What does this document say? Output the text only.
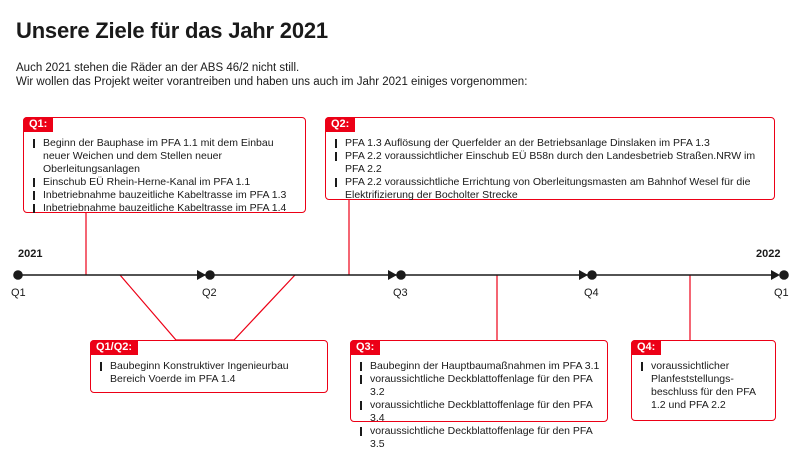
Unsere Ziele für das Jahr 2021
Auch 2021 stehen die Räder an der ABS 46/2 nicht still.
Wir wollen das Projekt weiter vorantreiben und haben uns auch im Jahr 2021 einiges vorgenommen:
2021	2022
Q1	Q2	Q3	Q4	Q1
Q1:
Beginn der Bauphase im PFA 1.1 mit dem Einbau neuer Weichen und dem Stellen neuer Oberleitungsanlagen
Einschub EÜ Rhein-Herne-Kanal im PFA 1.1
Inbetriebnahme bauzeitliche Kabeltrasse im PFA 1.3
Inbetriebnahme bauzeitliche Kabeltrasse im PFA 1.4
Q2:
PFA 1.3 Auflösung der Querfelder an der Betriebsanlage Dinslaken im PFA 1.3
PFA 2.2 voraussichtlicher Einschub EÜ B58n durch den Landesbetrieb Straßen.NRW im PFA 2.2
PFA 2.2 voraussichtliche Errichtung von Oberleitungsmasten am Bahnhof Wesel für die Elektrifizierung der Bocholter Strecke
Q1/Q2:
Baubeginn Konstruktiver Ingenieurbau Bereich Voerde im PFA 1.4
Q3:
Baubeginn der Hauptbaumaßnahmen im PFA 3.1
voraussichtliche Deckblattoffenlage für den PFA 3.2
voraussichtliche Deckblattoffenlage für den PFA 3.4
voraussichtliche Deckblattoffenlage für den PFA 3.5
Q4:
voraussichtlicher Planfeststellungs-beschluss für den PFA 1.2 und PFA 2.2
